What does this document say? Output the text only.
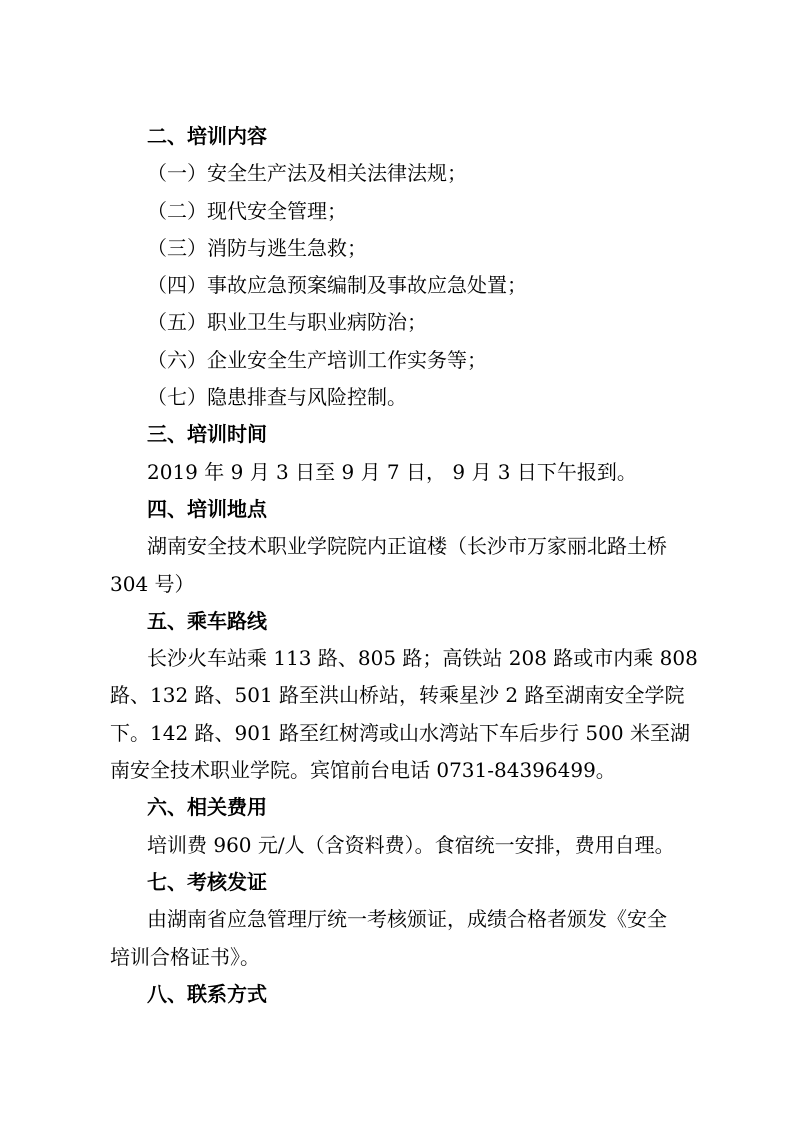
二、培训内容
（一）安全生产法及相关法律法规；
（二）现代安全管理；
（三）消防与逃生急救；
（四）事故应急预案编制及事故应急处置；
（五）职业卫生与职业病防治；
（六）企业安全生产培训工作实务等；
（七）隐患排查与风险控制。
三、培训时间
2019 年 9 月 3 日至 9 月 7 日， 9 月 3 日下午报到。
四、培训地点
湖南安全技术职业学院院内正谊楼（长沙市万家丽北路土桥
304 号）
五、乘车路线
长沙火车站乘 113 路、805 路；高铁站 208 路或市内乘 808
路、132 路、501 路至洪山桥站，转乘星沙 2 路至湖南安全学院
下。142 路、901 路至红树湾或山水湾站下车后步行 500 米至湖
南安全技术职业学院。宾馆前台电话 0731-84396499。
六、相关费用
培训费 960 元/人（含资料费）。食宿统一安排，费用自理。
七、考核发证
由湖南省应急管理厅统一考核颁证，成绩合格者颁发《安全
培训合格证书》。
八、联系方式
